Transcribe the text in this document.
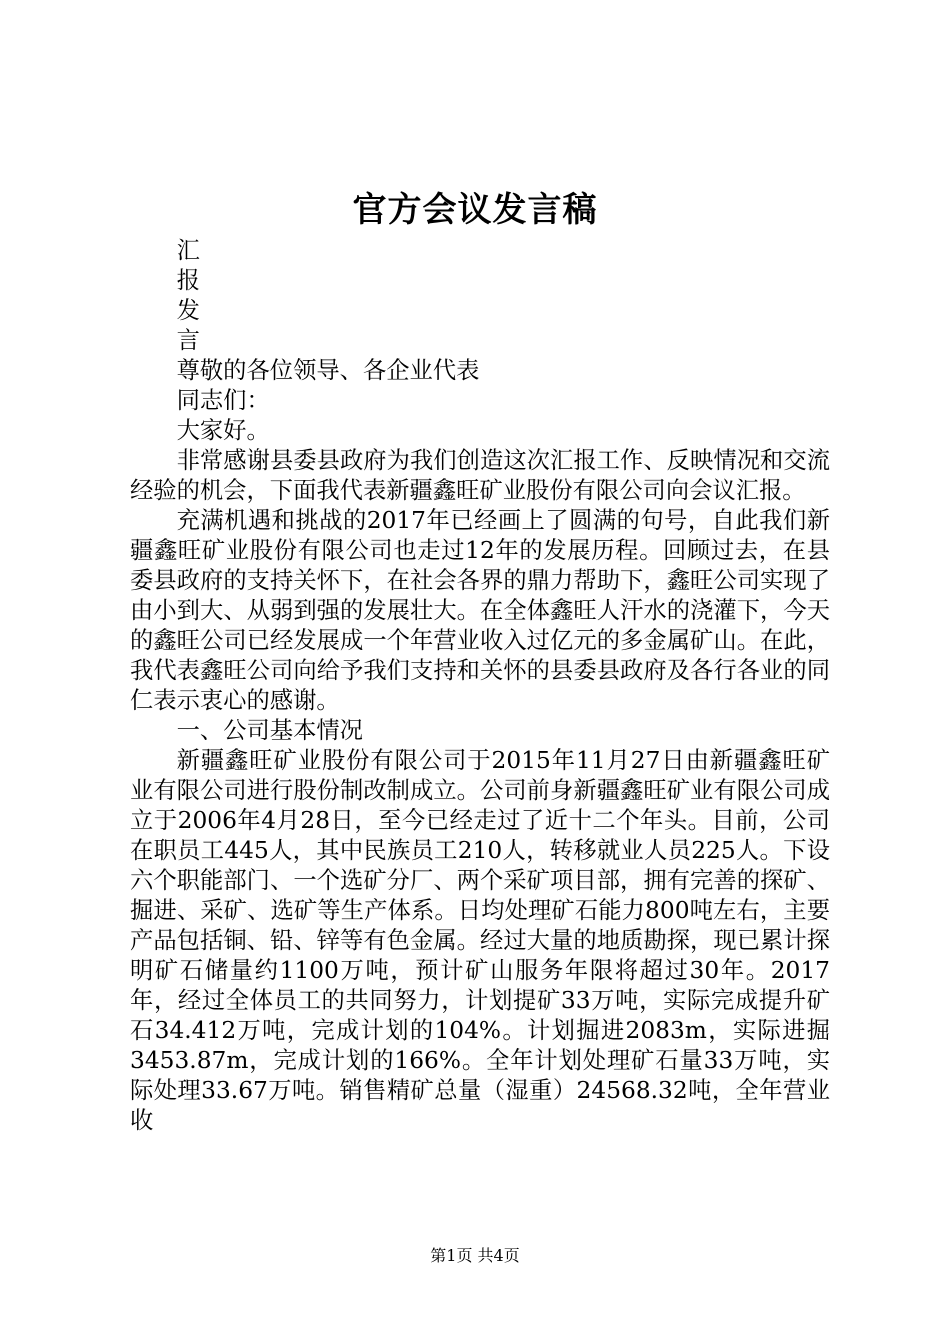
官方会议发言稿

汇

报

发

言

尊敬的各位领导、各企业代表

同志们：

大家好。

非常感谢县委县政府为我们创造这次汇报工作、反映情况和交流经验的机会，下面我代表新疆鑫旺矿业股份有限公司向会议汇报。

充满机遇和挑战的2017年已经画上了圆满的句号，自此我们新疆鑫旺矿业股份有限公司也走过12年的发展历程。回顾过去，在县委县政府的支持关怀下，在社会各界的鼎力帮助下，鑫旺公司实现了由小到大、从弱到强的发展壮大。在全体鑫旺人汗水的浇灌下，今天的鑫旺公司已经发展成一个年营业收入过亿元的多金属矿山。在此，我代表鑫旺公司向给予我们支持和关怀的县委县政府及各行各业的同仁表示衷心的感谢。

一、公司基本情况

新疆鑫旺矿业股份有限公司于2015年11月27日由新疆鑫旺矿业有限公司进行股份制改制成立。公司前身新疆鑫旺矿业有限公司成立于2006年4月28日，至今已经走过了近十二个年头。目前，公司在职员工445人，其中民族员工210人，转移就业人员225人。下设六个职能部门、一个选矿分厂、两个采矿项目部，拥有完善的探矿、掘进、采矿、选矿等生产体系。日均处理矿石能力800吨左右，主要产品包括铜、铅、锌等有色金属。经过大量的地质勘探，现已累计探明矿石储量约1100万吨，预计矿山服务年限将超过30年。2017年，经过全体员工的共同努力，计划提矿33万吨，实际完成提升矿石34.412万吨，完成计划的104%。计划掘进2083m，实际进掘3453.87m，完成计划的166%。全年计划处理矿石量33万吨，实际处理33.67万吨。销售精矿总量（湿重）24568.32吨，全年营业收

第1页 共4页
